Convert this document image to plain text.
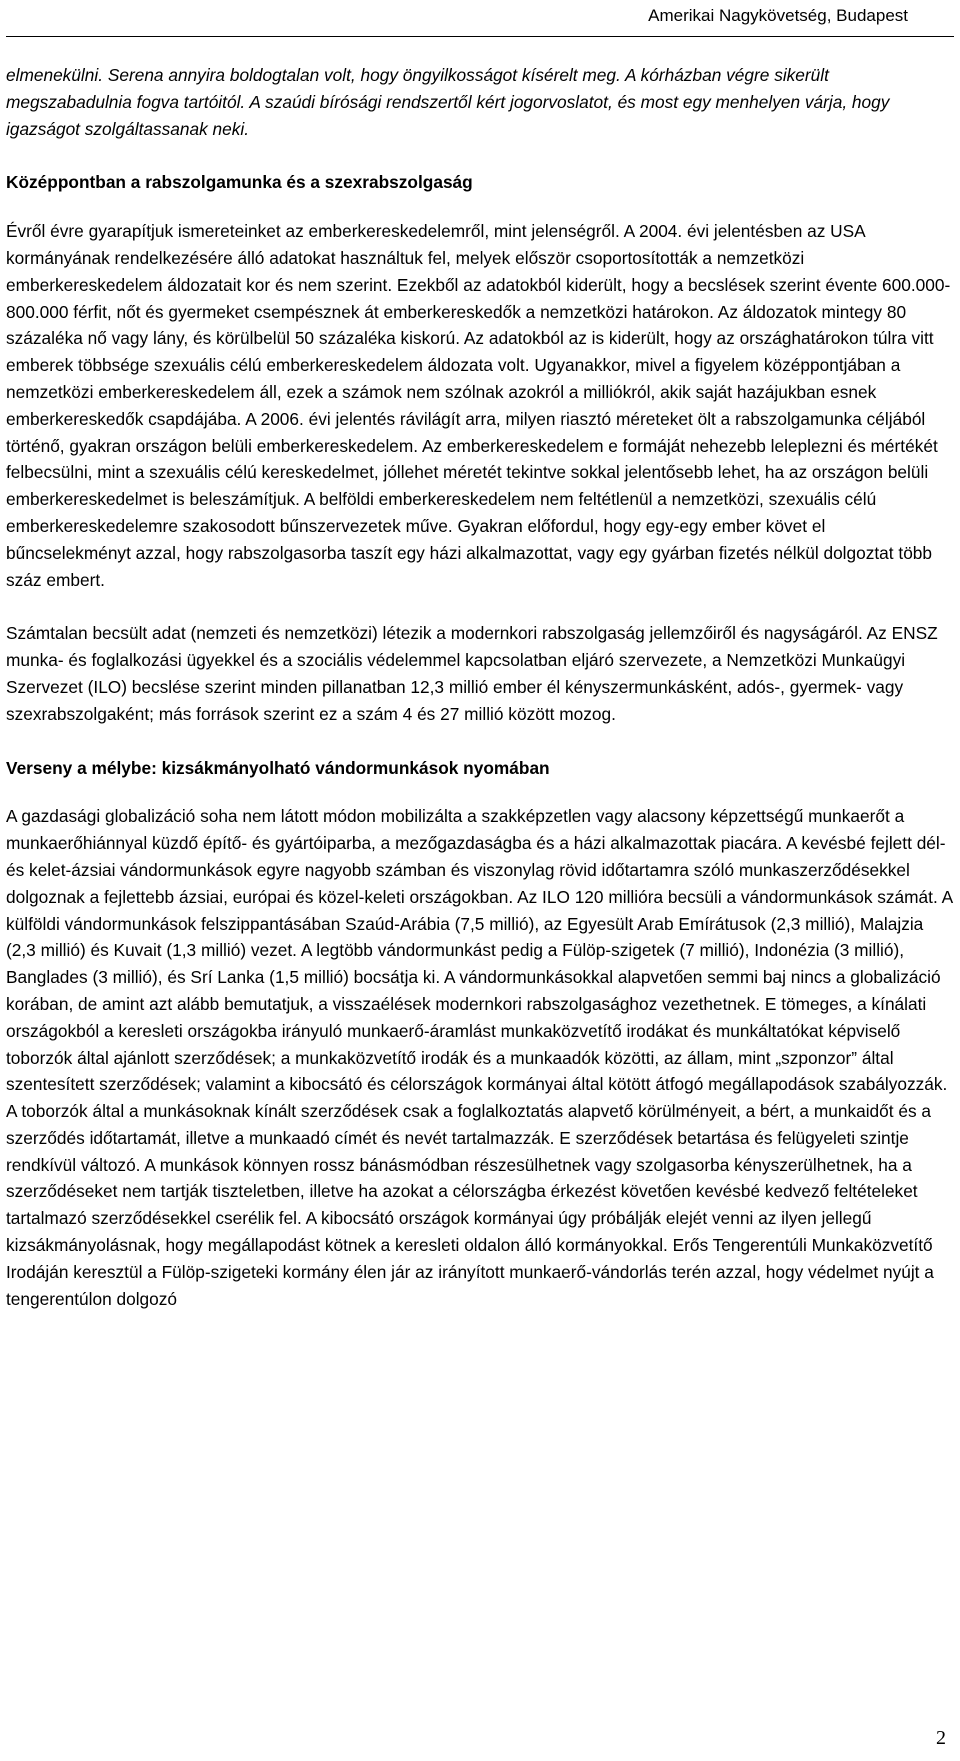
Amerikai Nagykövetség, Budapest

elmenekülni. Serena annyira boldogtalan volt, hogy öngyilkosságot kísérelt meg. A kórházban végre sikerült megszabadulnia fogva tartóitól. A szaúdi bírósági rendszertől kért jogorvoslatot, és most egy menhelyen várja, hogy igazságot szolgáltassanak neki.

Középpontban a rabszolgamunka és a szexrabszolgaság

Évről évre gyarapítjuk ismereteinket az emberkereskedelemről, mint jelenségről. A 2004. évi jelentésben az USA kormányának rendelkezésére álló adatokat használtuk fel, melyek először csoportosították a nemzetközi emberkereskedelem áldozatait kor és nem szerint. Ezekből az adatokból kiderült, hogy a becslések szerint évente 600.000-800.000 férfit, nőt és gyermeket csempésznek át emberkereskedők a nemzetközi határokon. Az áldozatok mintegy 80 százaléka nő vagy lány, és körülbelül 50 százaléka kiskorú. Az adatokból az is kiderült, hogy az országhatárokon túlra vitt emberek többsége szexuális célú emberkereskedelem áldozata volt. Ugyanakkor, mivel a figyelem középpontjában a nemzetközi emberkereskedelem áll, ezek a számok nem szólnak azokról a milliókról, akik saját hazájukban esnek emberkereskedők csapdájába. A 2006. évi jelentés rávilágít arra, milyen riasztó méreteket ölt a rabszolgamunka céljából történő, gyakran országon belüli emberkereskedelem. Az emberkereskedelem e formáját nehezebb leleplezni és mértékét felbecsülni, mint a szexuális célú kereskedelmet, jóllehet méretét tekintve sokkal jelentősebb lehet, ha az országon belüli emberkereskedelmet is beleszámítjuk. A belföldi emberkereskedelem nem feltétlenül a nemzetközi, szexuális célú emberkereskedelemre szakosodott bűnszervezetek műve. Gyakran előfordul, hogy egy-egy ember követ el bűncselekményt azzal, hogy rabszolgasorba taszít egy házi alkalmazottat, vagy egy gyárban fizetés nélkül dolgoztat több száz embert.

Számtalan becsült adat (nemzeti és nemzetközi) létezik a modernkori rabszolgaság jellemzőiről és nagyságáról. Az ENSZ munka- és foglalkozási ügyekkel és a szociális védelemmel kapcsolatban eljáró szervezete, a Nemzetközi Munkaügyi Szervezet (ILO) becslése szerint minden pillanatban 12,3 millió ember él kényszermunkásként, adós-, gyermek- vagy szexrabszolgaként; más források szerint ez a szám 4 és 27 millió között mozog.

Verseny a mélybe: kizsákmányolható vándormunkások nyomában

A gazdasági globalizáció soha nem látott módon mobilizálta a szakképzetlen vagy alacsony képzettségű munkaerőt a munkaerőhiánnyal küzdő építő- és gyártóiparba, a mezőgazdaságba és a házi alkalmazottak piacára. A kevésbé fejlett dél- és kelet-ázsiai vándormunkások egyre nagyobb számban és viszonylag rövid időtartamra szóló munkaszerződésekkel dolgoznak a fejlettebb ázsiai, európai és közel-keleti országokban. Az ILO 120 millióra becsüli a vándormunkások számát. A külföldi vándormunkások felszippantásában Szaúd-Arábia (7,5 millió), az Egyesült Arab Emírátusok (2,3 millió), Malajzia (2,3 millió) és Kuvait (1,3 millió) vezet. A legtöbb vándormunkást pedig a Fülöp-szigetek (7 millió), Indonézia (3 millió), Banglades (3 millió), és Srí Lanka (1,5 millió) bocsátja ki. A vándormunkásokkal alapvetően semmi baj nincs a globalizáció korában, de amint azt alább bemutatjuk, a visszaélések modernkori rabszolgasághoz vezethetnek. E tömeges, a kínálati országokból a keresleti országokba irányuló munkaerő-áramlást munkaközvetítő irodákat és munkáltatókat képviselő toborzók által ajánlott szerződések; a munkaközvetítő irodák és a munkaadók közötti, az állam, mint „szponzor” által szentesített szerződések; valamint a kibocsátó és célországok kormányai által kötött átfogó megállapodások szabályozzák. A toborzók által a munkásoknak kínált szerződések csak a foglalkoztatás alapvető körülményeit, a bért, a munkaidőt és a szerződés időtartamát, illetve a munkaadó címét és nevét tartalmazzák. E szerződések betartása és felügyeleti szintje rendkívül változó. A munkások könnyen rossz bánásmódban részesülhetnek vagy szolgasorba kényszerülhetnek, ha a szerződéseket nem tartják tiszteletben, illetve ha azokat a célországba érkezést követően kevésbé kedvező feltételeket tartalmazó szerződésekkel cserélik fel. A kibocsátó országok kormányai úgy próbálják elejét venni az ilyen jellegű kizsákmányolásnak, hogy megállapodást kötnek a keresleti oldalon álló kormányokkal. Erős Tengerentúli Munkaközvetítő Irodáján keresztül a Fülöp-szigeteki kormány élen jár az irányított munkaerő-vándorlás terén azzal, hogy védelmet nyújt a tengerentúlon dolgozó

2
